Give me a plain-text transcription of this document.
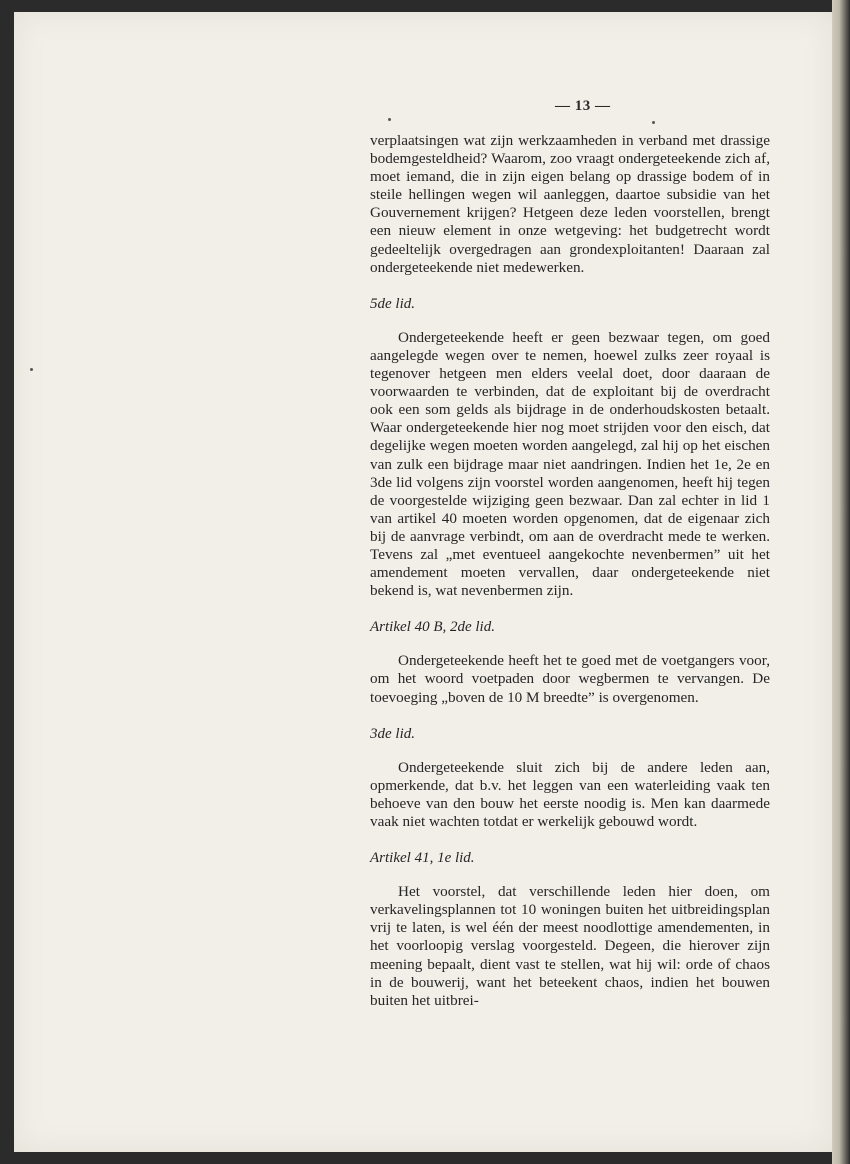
— 13 —

verplaatsingen wat zijn werkzaamheden in verband met drassige bodemgesteldheid? Waarom, zoo vraagt ondergeteekende zich af, moet iemand, die in zijn eigen belang op drassige bodem of in steile hellingen wegen wil aanleggen, daartoe subsidie van het Gouvernement krijgen? Hetgeen deze leden voorstellen, brengt een nieuw element in onze wetgeving: het budgetrecht wordt gedeeltelijk overgedragen aan grondexploitanten! Daaraan zal ondergeteekende niet medewerken.

5de lid.

Ondergeteekende heeft er geen bezwaar tegen, om goed aangelegde wegen over te nemen, hoewel zulks zeer royaal is tegenover hetgeen men elders veelal doet, door daaraan de voorwaarden te verbinden, dat de exploitant bij de overdracht ook een som gelds als bijdrage in de onderhoudskosten betaalt. Waar ondergeteekende hier nog moet strijden voor den eisch, dat degelijke wegen moeten worden aangelegd, zal hij op het eischen van zulk een bijdrage maar niet aandringen. Indien het 1e, 2e en 3de lid volgens zijn voorstel worden aangenomen, heeft hij tegen de voorgestelde wijziging geen bezwaar. Dan zal echter in lid 1 van artikel 40 moeten worden opgenomen, dat de eigenaar zich bij de aanvrage verbindt, om aan de overdracht mede te werken. Tevens zal „met eventueel aangekochte nevenbermen” uit het amendement moeten vervallen, daar ondergeteekende niet bekend is, wat nevenbermen zijn.

Artikel 40 B, 2de lid.

Ondergeteekende heeft het te goed met de voetgangers voor, om het woord voetpaden door wegbermen te vervangen. De toevoeging „boven de 10 M breedte” is overgenomen.

3de lid.

Ondergeteekende sluit zich bij de andere leden aan, opmerkende, dat b.v. het leggen van een waterleiding vaak ten behoeve van den bouw het eerste noodig is. Men kan daarmede vaak niet wachten totdat er werkelijk gebouwd wordt.

Artikel 41, 1e lid.

Het voorstel, dat verschillende leden hier doen, om verkavelingsplannen tot 10 woningen buiten het uitbreidingsplan vrij te laten, is wel één der meest noodlottige amendementen, in het voorloopig verslag voorgesteld. Degeen, die hierover zijn meening bepaalt, dient vast te stellen, wat hij wil: orde of chaos in de bouwerij, want het beteekent chaos, indien het bouwen buiten het uitbrei-
